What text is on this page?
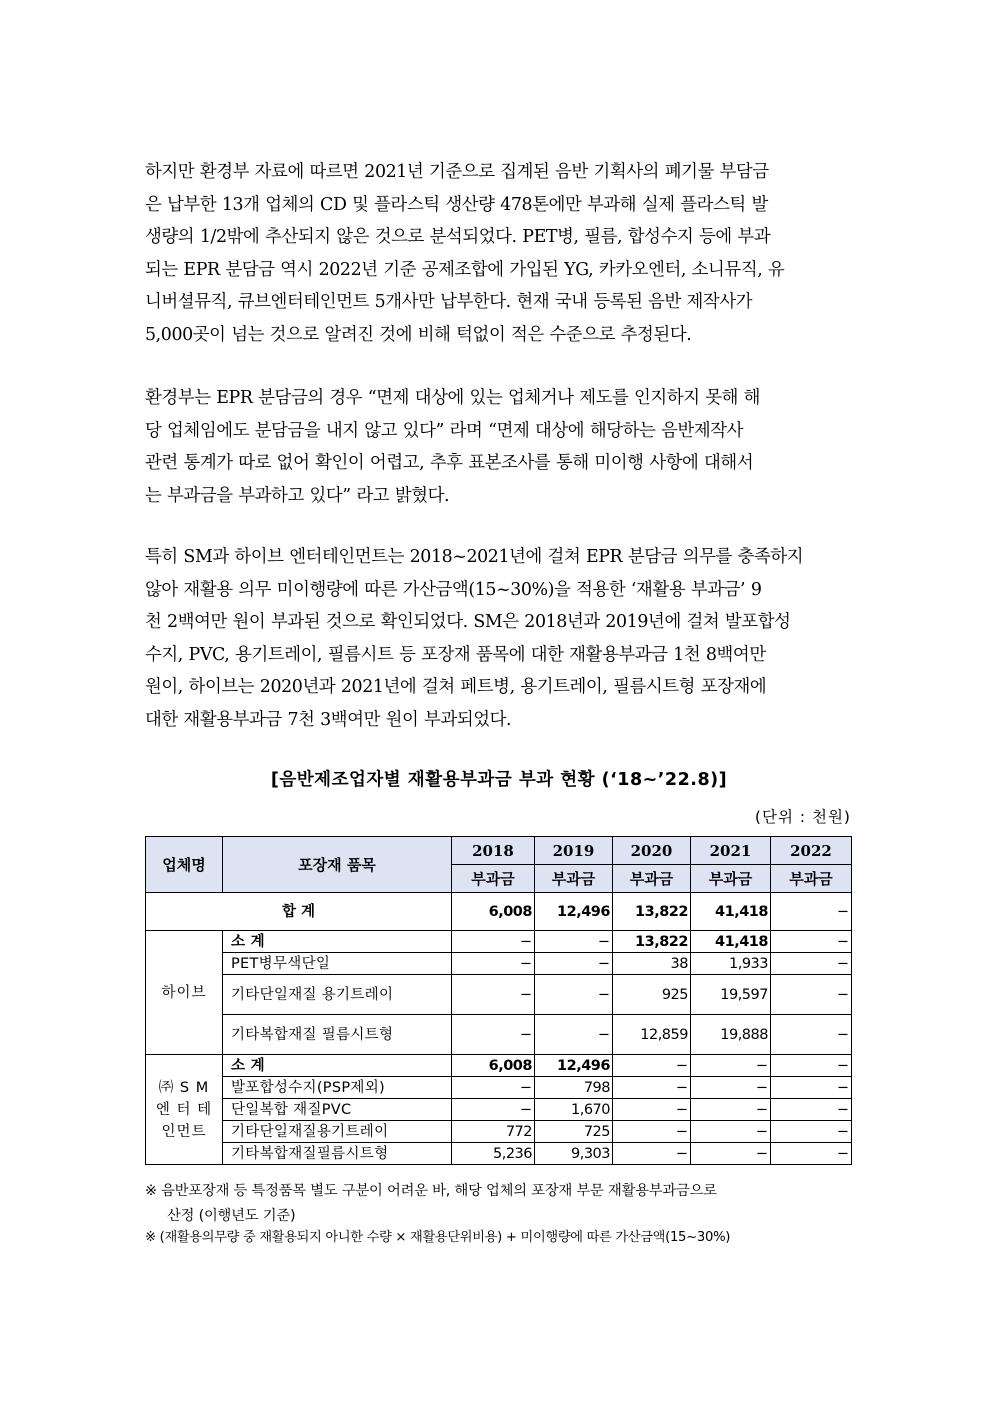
하지만 환경부 자료에 따르면 2021년 기준으로 집계된 음반 기획사의 폐기물 부담금
은 납부한 13개 업체의 CD 및 플라스틱 생산량 478톤에만 부과해 실제 플라스틱 발
생량의 1/2밖에 추산되지 않은 것으로 분석되었다. PET병, 필름, 합성수지 등에 부과
되는 EPR 분담금 역시 2022년 기준 공제조합에 가입된 YG, 카카오엔터, 소니뮤직, 유
니버셜뮤직, 큐브엔터테인먼트 5개사만 납부한다. 현재 국내 등록된 음반 제작사가
5,000곳이 넘는 것으로 알려진 것에 비해 턱없이 적은 수준으로 추정된다.
환경부는 EPR 분담금의 경우 “면제 대상에 있는 업체거나 제도를 인지하지 못해 해
당 업체임에도 분담금을 내지 않고 있다” 라며 “면제 대상에 해당하는 음반제작사
관련 통계가 따로 없어 확인이 어렵고, 추후 표본조사를 통해 미이행 사항에 대해서
는 부과금을 부과하고 있다” 라고 밝혔다.
특히 SM과 하이브 엔터테인먼트는 2018~2021년에 걸쳐 EPR 분담금 의무를 충족하지
않아 재활용 의무 미이행량에 따른 가산금액(15~30%)을 적용한 ‘재활용 부과금’ 9
천 2백여만 원이 부과된 것으로 확인되었다. SM은 2018년과 2019년에 걸쳐 발포합성
수지, PVC, 용기트레이, 필름시트 등 포장재 품목에 대한 재활용부과금 1천 8백여만
원이, 하이브는 2020년과 2021년에 걸쳐 페트병, 용기트레이, 필름시트형 포장재에
대한 재활용부과금 7천 3백여만 원이 부과되었다.
[음반제조업자별 재활용부과금 부과 현황 (‘18~’22.8)]
(단위 : 천원)
업체명	포장재 품목	2018	2019	2020	2021	2022
		부과금	부과금	부과금	부과금	부과금
합 계		6,008	12,496	13,822	41,418	−
하이브	소 계	−	−	13,822	41,418	−
	PET병무색단일	−	−	38	1,933	−
	기타단일재질 용기트레이	−	−	925	19,597	−
	기타복합재질 필름시트형	−	−	12,859	19,888	−

㈜ S M
엔 터 테
인먼트	소 계	6,008	12,496	−	−	−
	발포합성수지(PSP제외)	−	798	−	−	−
	단일복합 재질PVC	−	1,670	−	−	−
	기타단일재질용기트레이	772	725	−	−	−
	기타복합재질필름시트형	5,236	9,303	−	−	−
※ 음반포장재 등 특정품목 별도 구분이 어려운 바, 해당 업체의 포장재 부문 재활용부과금으로
산정 (이행년도 기준)
※ (재활용의무량 중 재활용되지 아니한 수량 × 재활용단위비용) + 미이행량에 따른 가산금액(15~30%)
